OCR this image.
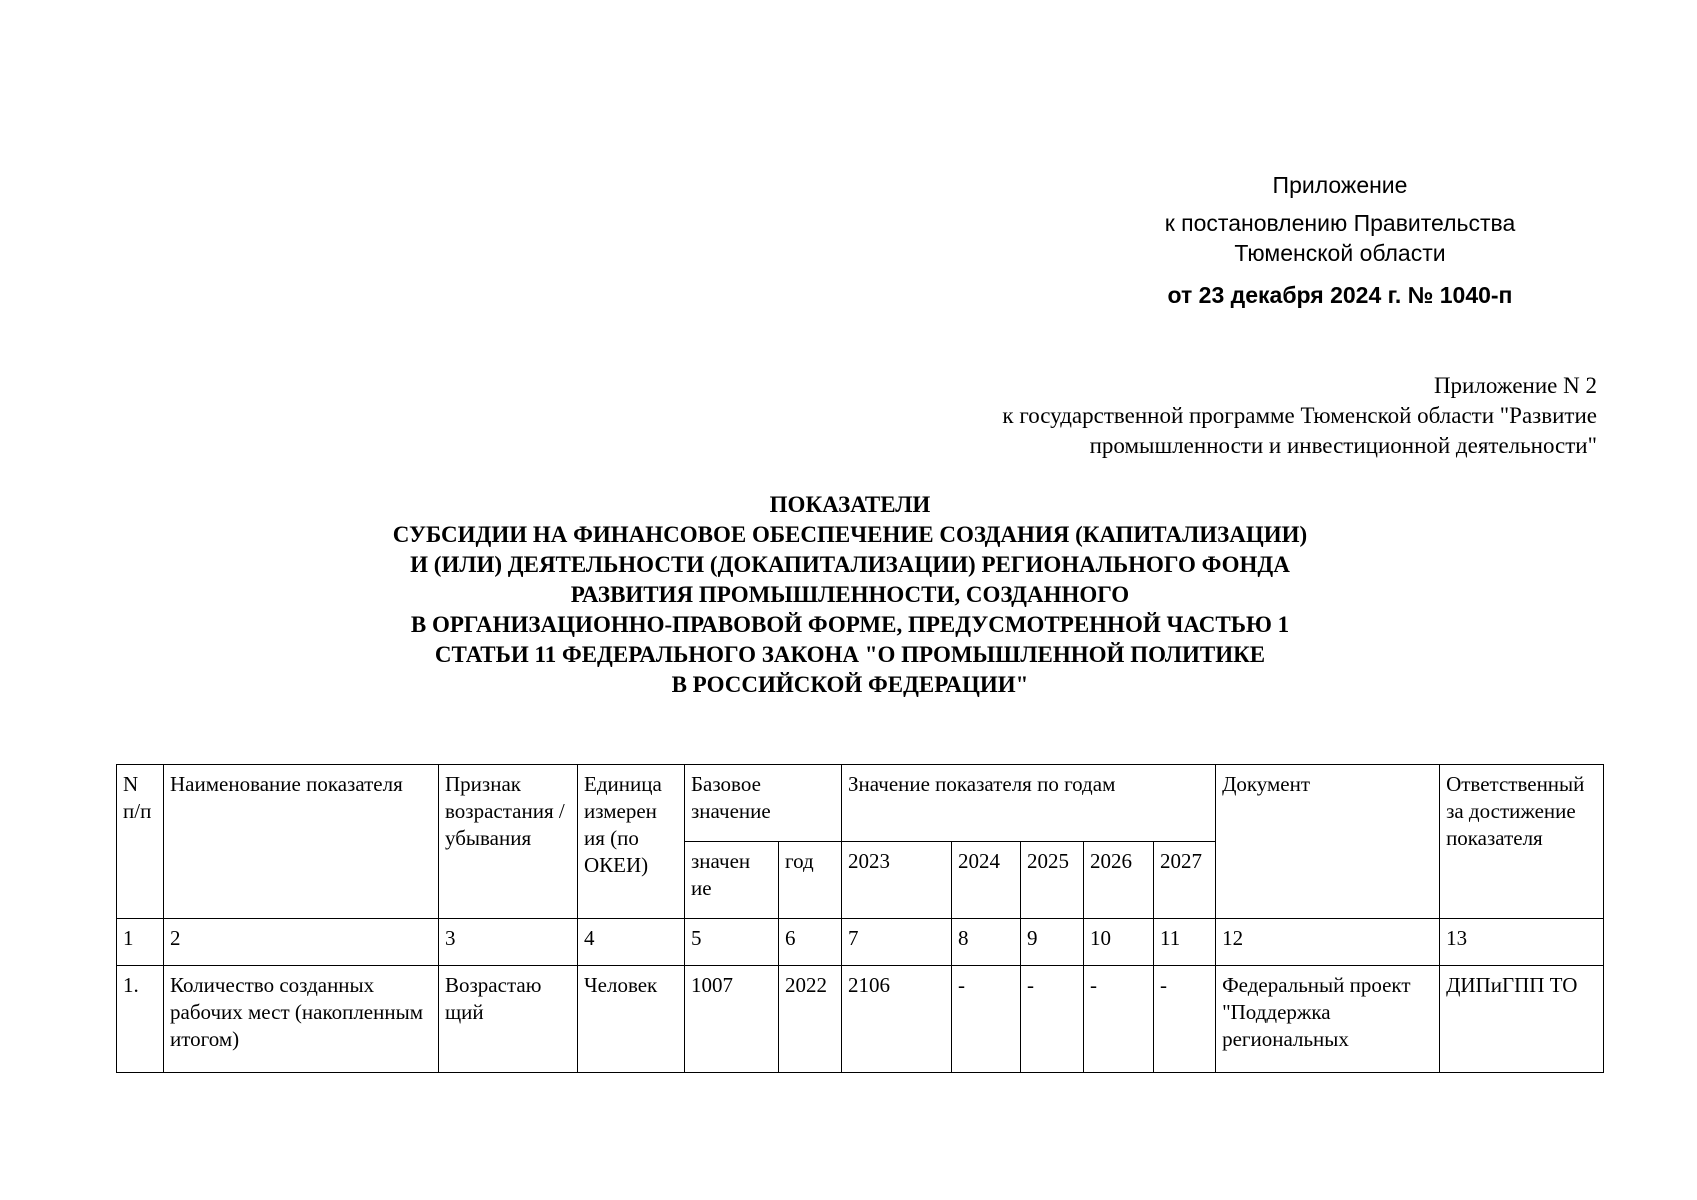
Приложение
к постановлению Правительства
Тюменской области
от 23 декабря 2024 г. № 1040-п
Приложение N 2
к государственной программе Тюменской области "Развитие
промышленности и инвестиционной деятельности"
ПОКАЗАТЕЛИ
СУБСИДИИ НА ФИНАНСОВОЕ ОБЕСПЕЧЕНИЕ СОЗДАНИЯ (КАПИТАЛИЗАЦИИ)
И (ИЛИ) ДЕЯТЕЛЬНОСТИ (ДОКАПИТАЛИЗАЦИИ) РЕГИОНАЛЬНОГО ФОНДА
РАЗВИТИЯ ПРОМЫШЛЕННОСТИ, СОЗДАННОГО
В ОРГАНИЗАЦИОННО-ПРАВОВОЙ ФОРМЕ, ПРЕДУСМОТРЕННОЙ ЧАСТЬЮ 1
СТАТЬИ 11 ФЕДЕРАЛЬНОГО ЗАКОНА "О ПРОМЫШЛЕННОЙ ПОЛИТИКЕ
В РОССИЙСКОЙ ФЕДЕРАЦИИ"
N п/п	Наименование показателя	Признак возрастания / убывания	Единица измерен ия (по ОКЕИ)	Базовое значение		Значение показателя по годам					Документ	Ответственный за достижение показателя
				значен ие	год	2023	2024	2025	2026	2027		
1	2	3	4	5	6	7	8	9	10	11	12	13
1.	Количество созданных рабочих мест (накопленным итогом)	Возрастаю щий	Человек	1007	2022	2106	-	-	-	-	Федеральный проект "Поддержка региональных	ДИПиГПП ТО
